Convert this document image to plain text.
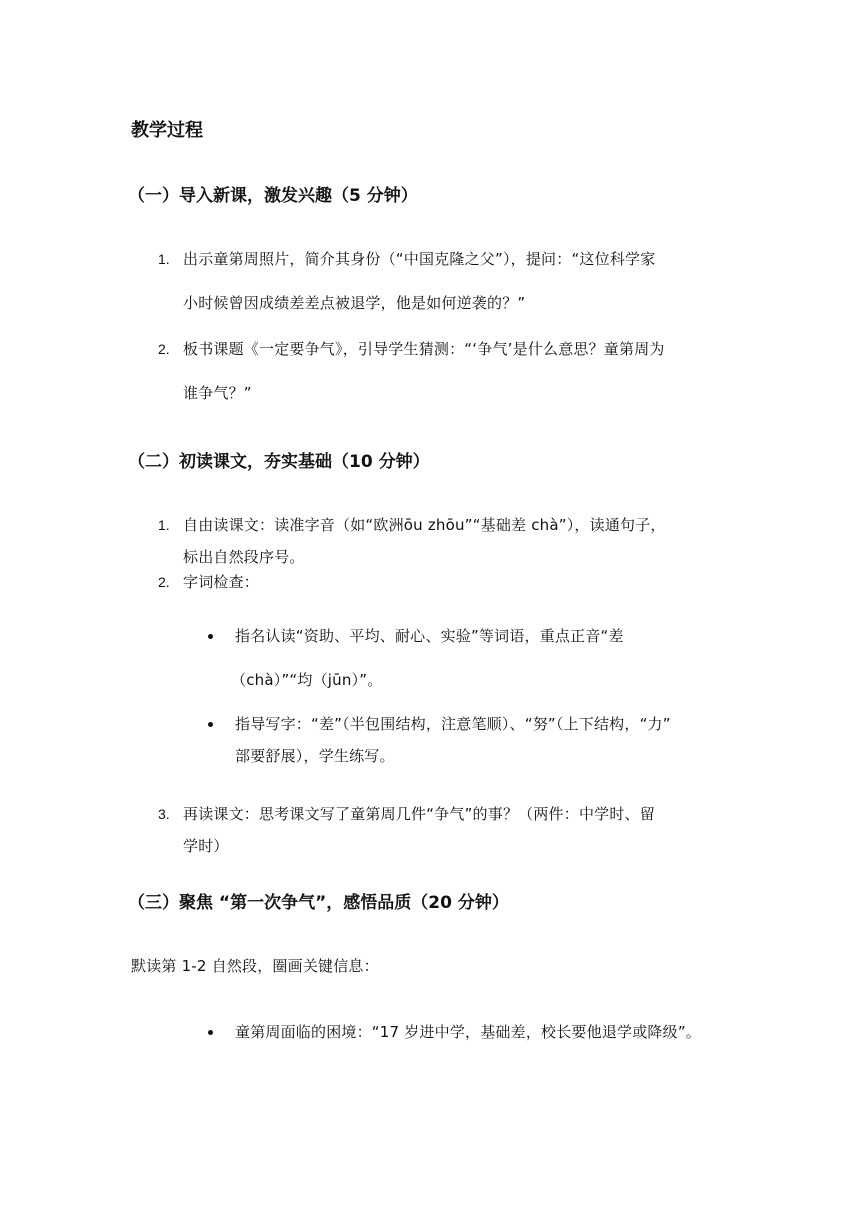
教学过程
（一）导入新课，激发兴趣（5 分钟）
1. 出示童第周照片，简介其身份（“中国克隆之父”），提问：“这位科学家
小时候曾因成绩差差点被退学，他是如何逆袭的？”
2. 板书课题《一定要争气》，引导学生猜测：“‘争气’是什么意思？童第周为
谁争气？”
（二）初读课文，夯实基础（10 分钟）
1. 自由读课文：读准字音（如“欧洲ōu zhōu”“基础差 chà”），读通句子，
标出自然段序号。
2. 字词检查：
指名认读“资助、平均、耐心、实验”等词语，重点正音“差
（chà）”“均（jūn）”。
指导写字：“差”（半包围结构，注意笔顺）、“努”（上下结构，“力”
部要舒展），学生练写。
3. 再读课文：思考课文写了童第周几件“争气”的事？（两件：中学时、留
学时）
（三）聚焦 “第一次争气”，感悟品质（20 分钟）
默读第 1-2 自然段，圈画关键信息：
童第周面临的困境：“17 岁进中学，基础差，校长要他退学或降级”。
